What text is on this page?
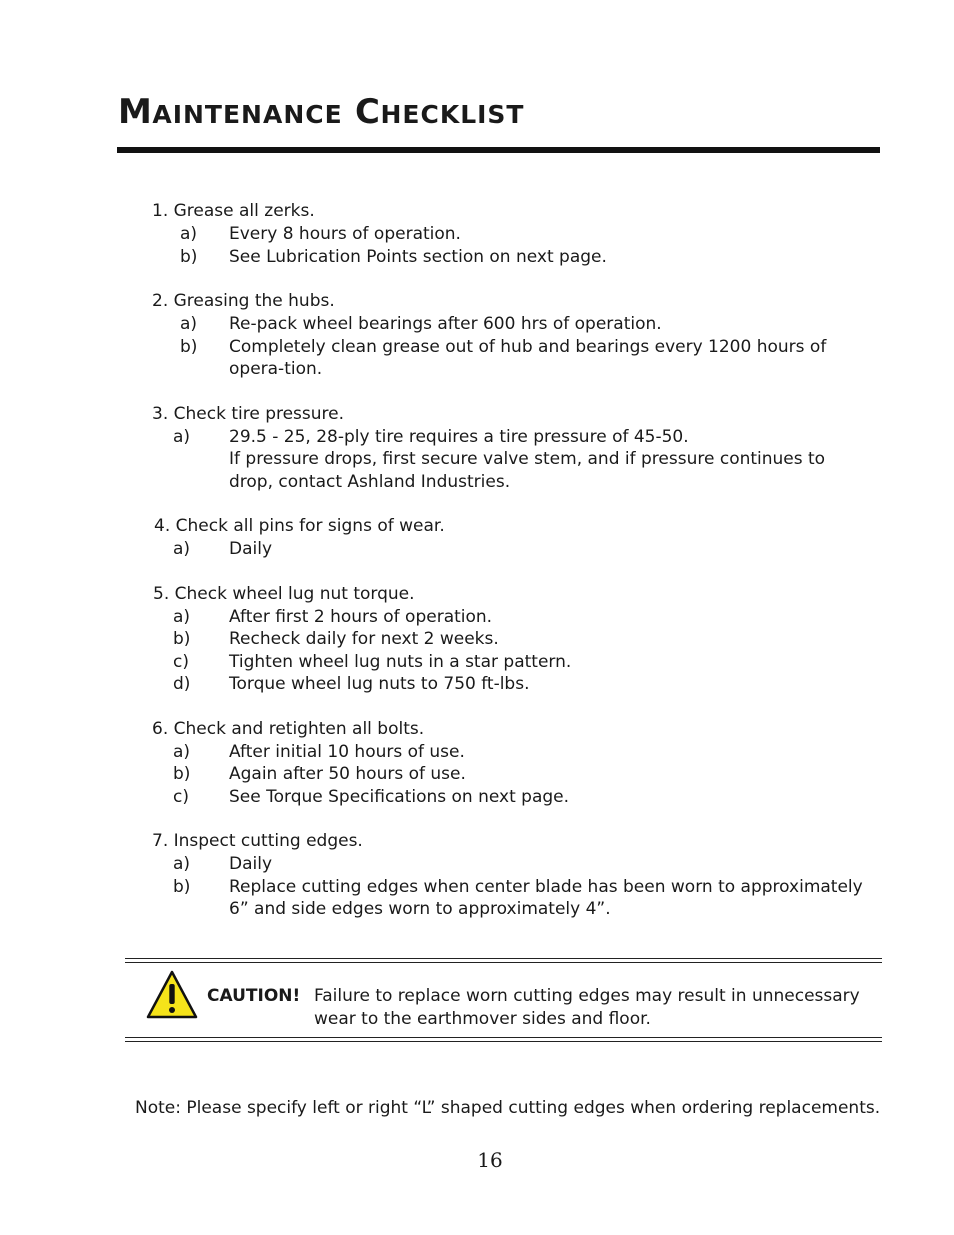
MAINTENANCE CHECKLIST
1. Grease all zerks.
a) Every 8 hours of operation.
b) See Lubrication Points section on next page.
2. Greasing the hubs.
a) Re-pack wheel bearings after 600 hrs of operation.
b) Completely clean grease out of hub and bearings every 1200 hours of opera-tion.
3. Check tire pressure.
a) 29.5 - 25, 28-ply tire requires a tire pressure of 45-50.
If pressure drops, first secure valve stem, and if pressure continues to drop, contact Ashland Industries.
4. Check all pins for signs of wear.
a) Daily
5. Check wheel lug nut torque.
a) After first 2 hours of operation.
b) Recheck daily for next 2 weeks.
c) Tighten wheel lug nuts in a star pattern.
d) Torque wheel lug nuts to 750 ft-lbs.
6. Check and retighten all bolts.
a) After initial 10 hours of use.
b) Again after 50 hours of use.
c) See Torque Specifications on next page.
7. Inspect cutting edges.
a) Daily
b) Replace cutting edges when center blade has been worn to approximately 6” and side edges worn to approximately 4”.
CAUTION! Failure to replace worn cutting edges may result in unnecessary wear to the earthmover sides and floor.
Note: Please specify left or right “L” shaped cutting edges when ordering replacements.
16
